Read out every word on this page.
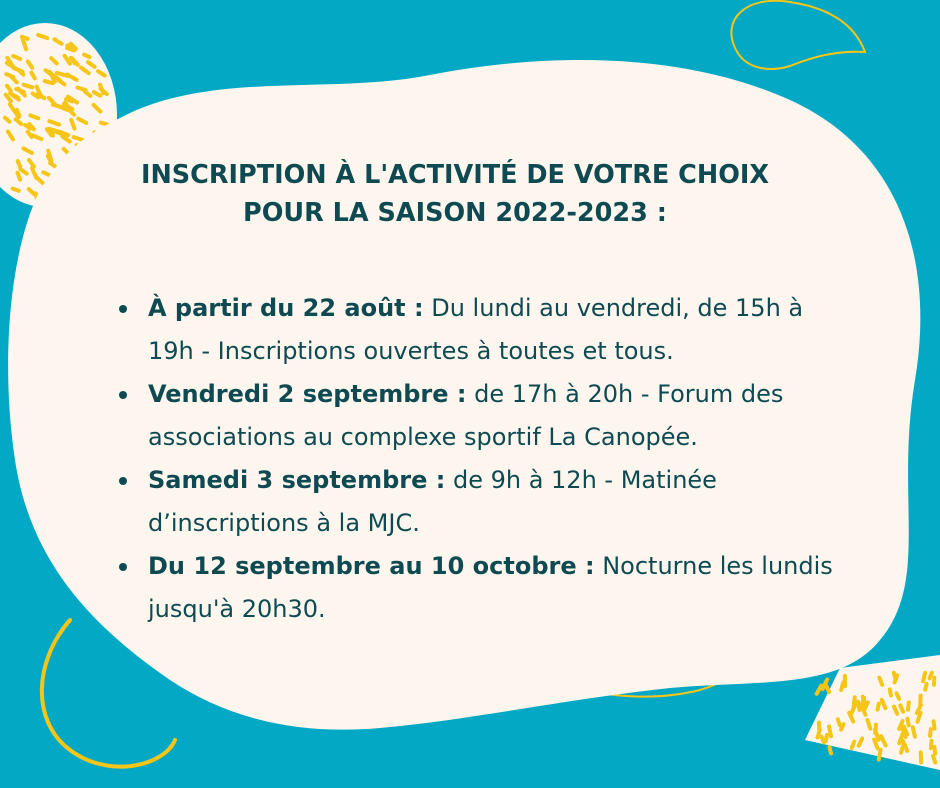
INSCRIPTION À L'ACTIVITÉ DE VOTRE CHOIX
POUR LA SAISON 2022-2023 :
À partir du 22 août : Du lundi au vendredi, de 15h à 19h - Inscriptions ouvertes à toutes et tous.
Vendredi 2 septembre : de 17h à 20h - Forum des associations au complexe sportif La Canopée.
Samedi 3 septembre : de 9h à 12h - Matinée d’inscriptions à la MJC.
Du 12 septembre au 10 octobre : Nocturne les lundis jusqu'à 20h30.
